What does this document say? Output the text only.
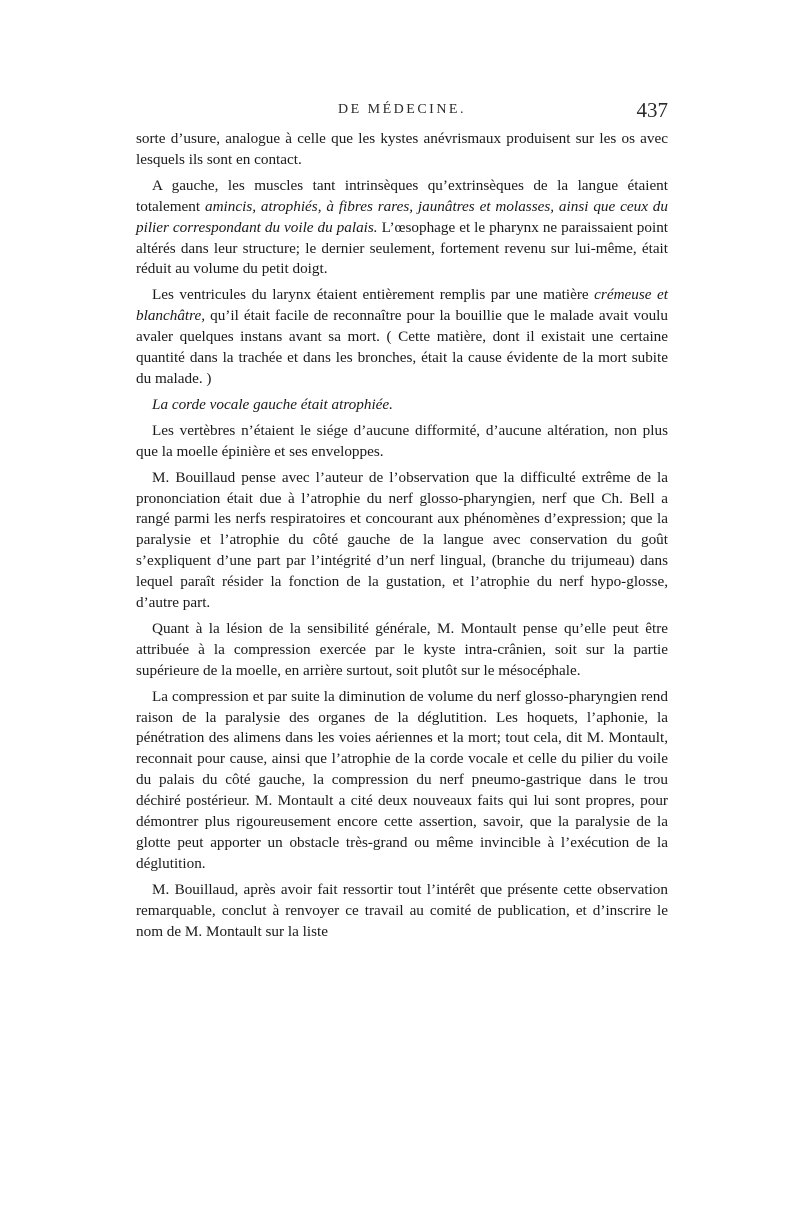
DE MÉDECINE.	437

sorte d’usure, analogue à celle que les kystes anévrismaux produisent sur les os avec lesquels ils sont en contact.

A gauche, les muscles tant intrinsèques qu’extrinsèques de la langue étaient totalement amincis, atrophiés, à fibres rares, jaunâtres et molasses, ainsi que ceux du pilier correspondant du voile du palais. L’œsophage et le pharynx ne paraissaient point altérés dans leur structure; le dernier seulement, fortement revenu sur lui-même, était réduit au volume du petit doigt.

Les ventricules du larynx étaient entièrement remplis par une matière crémeuse et blanchâtre, qu’il était facile de reconnaître pour la bouillie que le malade avait voulu avaler quelques instans avant sa mort. ( Cette matière, dont il existait une certaine quantité dans la trachée et dans les bronches, était la cause évidente de la mort subite du malade. )

La corde vocale gauche était atrophiée.

Les vertèbres n’étaient le siége d’aucune difformité, d’aucune altération, non plus que la moelle épinière et ses enveloppes.

M. Bouillaud pense avec l’auteur de l’observation que la difficulté extrême de la prononciation était due à l’atrophie du nerf glosso-pharyngien, nerf que Ch. Bell a rangé parmi les nerfs respiratoires et concourant aux phénomènes d’expression; que la paralysie et l’atrophie du côté gauche de la langue avec conservation du goût s’expliquent d’une part par l’intégrité d’un nerf lingual, (branche du trijumeau) dans lequel paraît résider la fonction de la gustation, et l’atrophie du nerf hypo-glosse, d’autre part.

Quant à la lésion de la sensibilité générale, M. Montault pense qu’elle peut être attribuée à la compression exercée par le kyste intra-crânien, soit sur la partie supérieure de la moelle, en arrière surtout, soit plutôt sur le mésocéphale.

La compression et par suite la diminution de volume du nerf glosso-pharyngien rend raison de la paralysie des organes de la déglutition. Les hoquets, l’aphonie, la pénétration des alimens dans les voies aériennes et la mort; tout cela, dit M. Montault, reconnait pour cause, ainsi que l’atrophie de la corde vocale et celle du pilier du voile du palais du côté gauche, la compression du nerf pneumo-gastrique dans le trou déchiré postérieur. M. Montault a cité deux nouveaux faits qui lui sont propres, pour démontrer plus rigoureusement encore cette assertion, savoir, que la paralysie de la glotte peut apporter un obstacle très-grand ou même invincible à l’exécution de la déglutition.

M. Bouillaud, après avoir fait ressortir tout l’intérêt que présente cette observation remarquable, conclut à renvoyer ce travail au comité de publication, et d’inscrire le nom de M. Montault sur la liste
